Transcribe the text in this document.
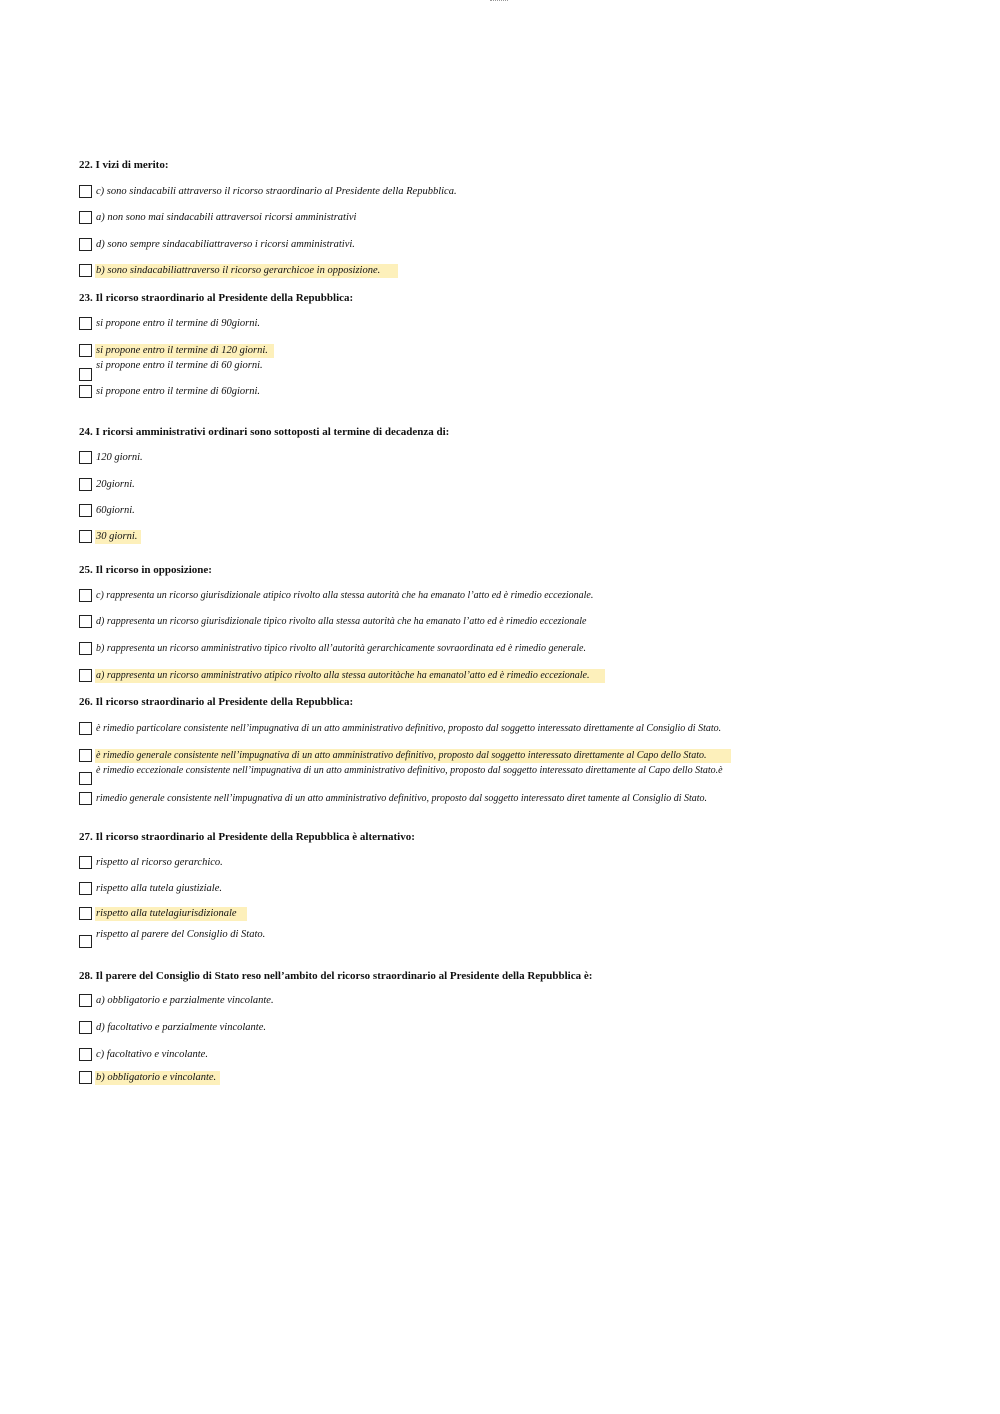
22. I vizi di merito:
c) sono sindacabili attraverso il ricorso straordinario al Presidente della Repubblica.
a) non sono mai sindacabili attraversoi ricorsi amministrativi
d) sono sempre sindacabiliattraverso i ricorsi amministrativi.
b) sono sindacabiliattraverso il ricorso gerarchicoe in opposizione.
23. Il ricorso straordinario al Presidente della Repubblica:
si propone entro il termine di 90giorni.
si propone entro il termine di 120 giorni.
si propone entro il termine di 60 giorni.
si propone entro il termine di 60giorni.
24. I ricorsi amministrativi ordinari sono sottoposti al termine di decadenza di:
120 giorni.
20giorni.
60giorni.
30 giorni.
25. Il ricorso in opposizione:
c) rappresenta un ricorso giurisdizionale atipico rivolto alla stessa autorità che ha emanato l’atto ed è rimedio eccezionale.
d) rappresenta un ricorso giurisdizionale tipico rivolto alla stessa autorità che ha emanato l’atto ed è rimedio eccezionale
b) rappresenta un ricorso amministrativo tipico rivolto all’autorità gerarchicamente sovraordinata ed è rimedio generale.
a) rappresenta un ricorso amministrativo atipico rivolto alla stessa autoritàche ha emanatol’atto ed è rimedio eccezionale.
26. Il ricorso straordinario al Presidente della Repubblica:
è rimedio particolare consistente nell’impugnativa di un atto amministrativo definitivo, proposto dal soggetto interessato direttamente al Consiglio di Stato.
è rimedio generale consistente nell’impugnativa di un atto amministrativo definitivo, proposto dal soggetto interessato direttamente al Capo dello Stato.
è rimedio eccezionale consistente nell’impugnativa di un atto amministrativo definitivo, proposto dal soggetto interessato direttamente al Capo dello Stato.è
rimedio generale consistente nell’impugnativa di un atto amministrativo definitivo, proposto dal soggetto interessato diret tamente al Consiglio di Stato.
27. Il ricorso straordinario al Presidente della Repubblica è alternativo:
rispetto al ricorso gerarchico.
rispetto alla tutela giustiziale.
rispetto alla tutelagiurisdizionale
rispetto al parere del Consiglio di Stato.
28. Il parere del Consiglio di Stato reso nell’ambito del ricorso straordinario al Presidente della Repubblica è:
a) obbligatorio e parzialmente vincolante.
d) facoltativo e parzialmente vincolante.
c) facoltativo e vincolante.
b) obbligatorio e vincolante.
